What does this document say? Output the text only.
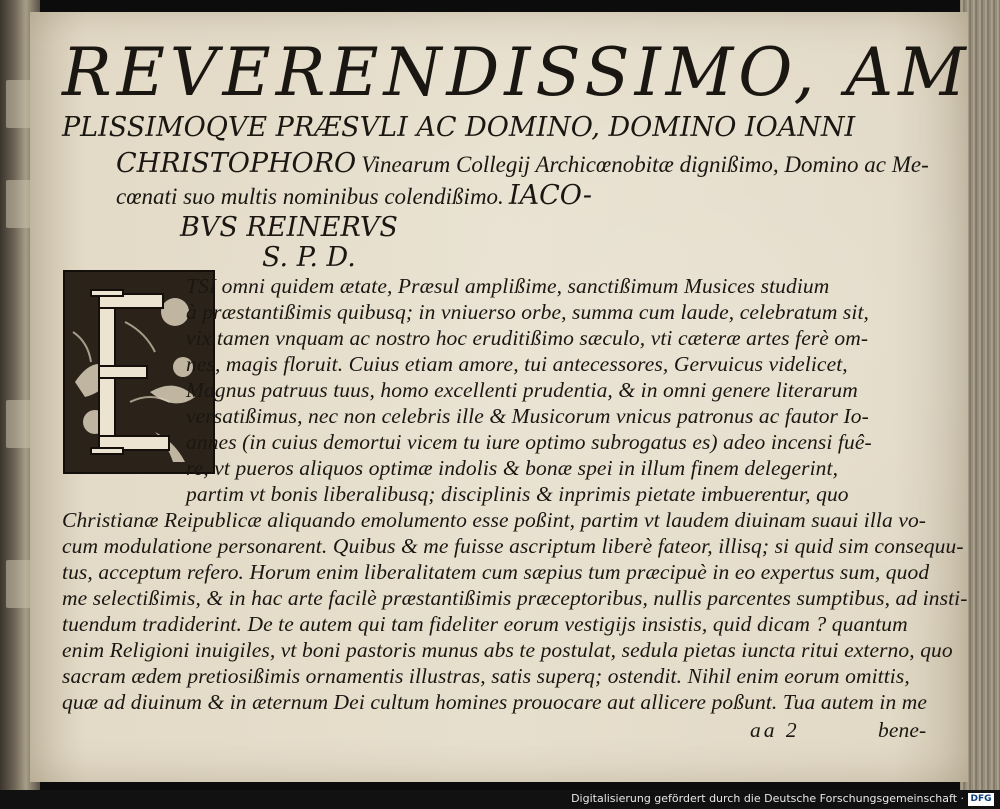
REVERENDISSIMO, AM
PLISSIMOQVE PRÆSVLI AC DOMINO, DOMINO IOANNI
CHRISTOPHORO Vinearum Collegij Archicœnobitæ dignißimo, Domino ac Me-
cœnati suo multis nominibus colendißimo. IACO-
BVS REINERVS
S. P. D.
TSI omni quidem ætate, Præsul amplißime, sanctißimum Musices studium
à præstantißimis quibusq; in vniuerso orbe, summa cum laude, celebratum sit,
vix tamen vnquam ac nostro hoc eruditißimo sæculo, vti cæteræ artes ferè om-
nes, magis floruit. Cuius etiam amore, tui antecessores, Gervuicus videlicet,
Magnus patruus tuus, homo excellenti prudentia, & in omni genere literarum
versatißimus, nec non celebris ille & Musicorum vnicus patronus ac fautor Io-
annes (in cuius demortui vicem tu iure optimo subrogatus es) adeo incensi fuê-
re, vt pueros aliquos optimæ indolis & bonæ spei in illum finem delegerint,
partim vt bonis liberalibusq; disciplinis & inprimis pietate imbuerentur, quo
Christianæ Reipublicæ aliquando emolumento esse poßint, partim vt laudem diuinam suaui illa vo-
cum modulatione personarent. Quibus & me fuisse ascriptum liberè fateor, illisq; si quid sim consequu-
tus, acceptum refero. Horum enim liberalitatem cum sæpius tum præcipuè in eo expertus sum, quod
me selectißimis, & in hac arte facilè præstantißimis præceptoribus, nullis parcentes sumptibus, ad insti-
tuendum tradiderint. De te autem qui tam fideliter eorum vestigijs insistis, quid dicam ? quantum
enim Religioni inuigiles, vt boni pastoris munus abs te postulat, sedula pietas iuncta ritui externo, quo
sacram ædem pretiosißimis ornamentis illustras, satis superq; ostendit. Nihil enim eorum omittis,
quæ ad diuinum & in æternum Dei cultum homines prouocare aut allicere poßunt. Tua autem in me
aa 2	bene-
Digitalisierung gefördert durch die Deutsche Forschungsgemeinschaft · DFG
